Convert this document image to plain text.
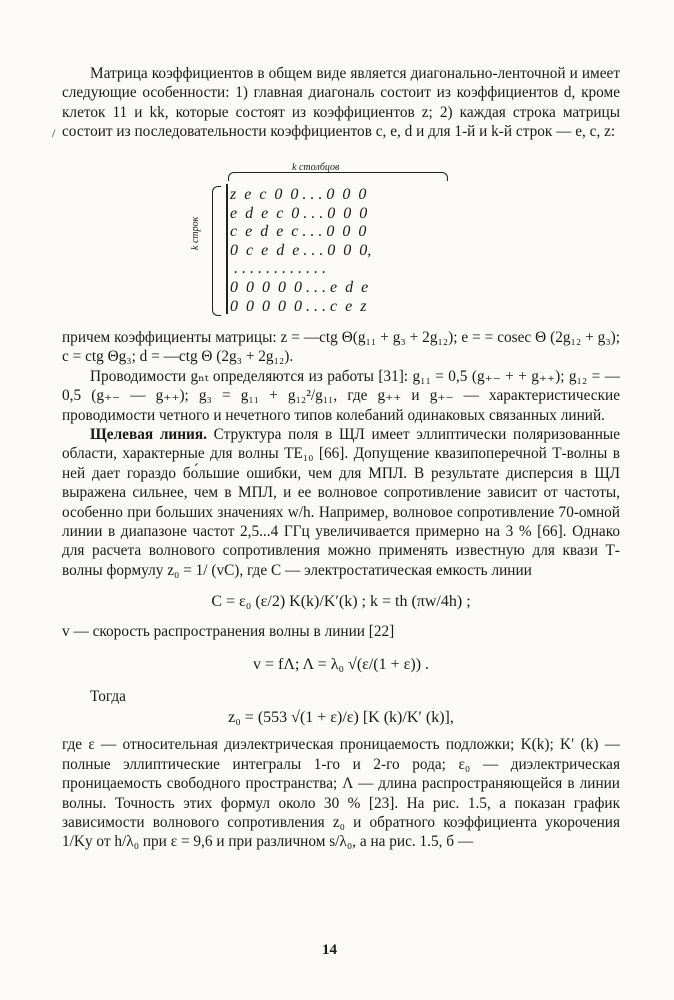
/

Матрица коэффициентов в общем виде является диагонально-ленточной и имеет следующие особенности: 1) главная диагональ состоит из коэффициентов d, кроме клеток 11 и kk, которые состоят из коэффициентов z; 2) каждая строка матрицы состоит из последовательности коэффициентов c, e, d и для 1-й и k-й строк — e, c, z:

k столбцов
k строк
z  e  c  0  0 . . . 0  0  0
e  d  e  c  0 . . . 0  0  0
c  e  d  e  c . . . 0  0  0
0  c  e  d  e . . . 0  0  0,
. . . . . . . . . . . .
0  0  0  0  0 . . . e  d  e
0  0  0  0  0 . . . c  e  z

причем коэффициенты матрицы: z = —ctg Θ(g₁₁ + g₃ + 2g₁₂); e = = cosec Θ (2g₁₂ + g₃); c = ctg Θg₃; d = —ctg Θ (2g₃ + 2g₁₂).

Проводимости gₙₜ определяются из работы [31]: g₁₁ = 0,5 (g₊₋ + + g₊₊); g₁₂ = —0,5 (g₊₋ — g₊₊); g₃ = g₁₁ + g₁₂²/g₁₁, где g₊₊ и g₊₋ — характеристические проводимости четного и нечетного типов колебаний одинаковых связанных линий.

Щелевая линия. Структура поля в ЩЛ имеет эллиптически поляризованные области, характерные для волны TE₁₀ [66]. Допущение квазипоперечной Т-волны в ней дает гораздо бо́льшие ошибки, чем для МПЛ. В результате дисперсия в ЩЛ выражена сильнее, чем в МПЛ, и ее волновое сопротивление зависит от частоты, особенно при больших значениях w/h. Например, волновое сопротивление 70-омной линии в диапазоне частот 2,5...4 ГГц увеличивается примерно на 3 % [66]. Однако для расчета волнового сопротивления можно применять известную для квази Т-волны формулу z₀ = 1/ (vC), где C — электростатическая емкость линии

C = ε₀ (ε/2) K(k)/K′(k) ; k = th (πw/4h) ;

v — скорость распространения волны в линии [22]

v = fΛ; Λ = λ₀ √(ε/(1 + ε)) .

Тогда

z₀ = (553 √(1 + ε)/ε) [K (k)/K′ (k)],

где ε — относительная диэлектрическая проницаемость подложки; K(k); K′ (k) — полные эллиптические интегралы 1-го и 2-го рода; ε₀ — диэлектрическая проницаемость свободного пространства; Λ — длина распространяющейся в линии волны. Точность этих формул около 30 % [23]. На рис. 1.5, а показан график зависимости волнового сопротивления z₀ и обратного коэффициента укорочения 1/Kу от h/λ₀ при ε = 9,6 и при различном s/λ₀, а на рис. 1.5, б —

14
